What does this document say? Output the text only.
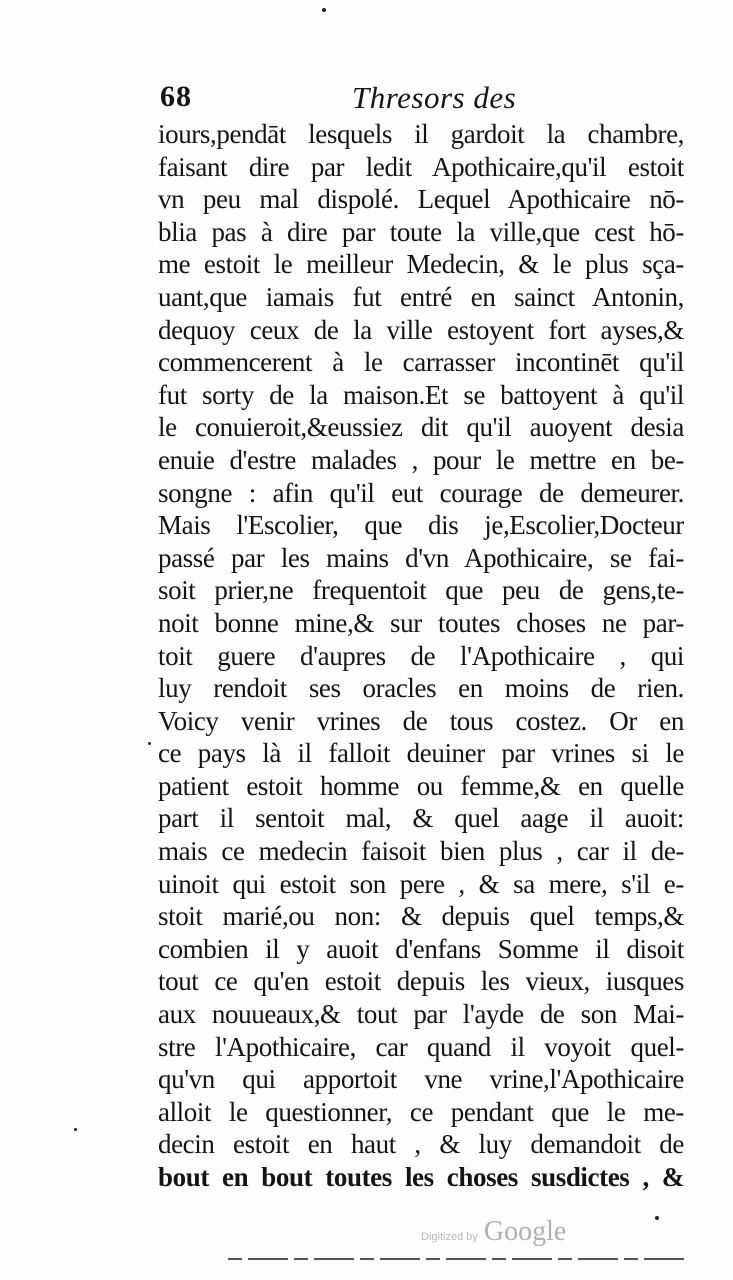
68	Thresors des
iours,pendāt lesquels il gardoit la chambre,
faisant dire par ledit Apothicaire,qu'il estoit
vn peu mal dispolé. Lequel Apothicaire nō-
blia pas à dire par toute la ville,que cest hō-
me estoit le meilleur Medecin, & le plus sça-
uant,que iamais fut entré en sainct Antonin,
dequoy ceux de la ville estoyent fort ayses,&
commencerent à le carrasser incontinēt qu'il
fut sorty de la maison.Et se battoyent à qu'il
le conuieroit,&eussiez dit qu'il auoyent desia
enuie d'estre malades , pour le mettre en be-
songne : afin qu'il eut courage de demeurer.
Mais l'Escolier, que dis je,Escolier,Docteur
passé par les mains d'vn Apothicaire, se fai-
soit prier,ne frequentoit que peu de gens,te-
noit bonne mine,& sur toutes choses ne par-
toit guere d'aupres de l'Apothicaire , qui
luy rendoit ses oracles en moins de rien.
Voicy venir vrines de tous costez. Or en
ce pays là il falloit deuiner par vrines si le
patient estoit homme ou femme,& en quelle
part il sentoit mal, & quel aage il auoit:
mais ce medecin faisoit bien plus , car il de-
uinoit qui estoit son pere , & sa mere, s'il e-
stoit marié,ou non: & depuis quel temps,&
combien il y auoit d'enfans Somme il disoit
tout ce qu'en estoit depuis les vieux, iusques
aux nouueaux,& tout par l'ayde de son Mai-
stre l'Apothicaire, car quand il voyoit quel-
qu'vn qui apportoit vne vrine,l'Apothicaire
alloit le questionner, ce pendant que le me-
decin estoit en haut , & luy demandoit de
bout en bout toutes les choses susdictes , &
Digitized by Google
